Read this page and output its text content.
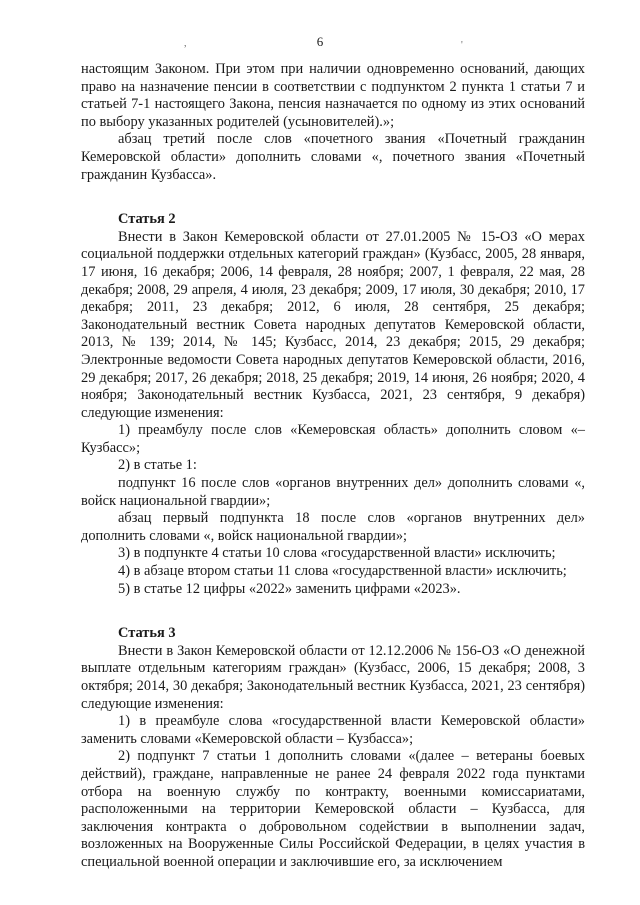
,	'
6

настоящим Законом. При этом при наличии одновременно оснований, дающих право на назначение пенсии в соответствии с подпунктом 2 пункта 1 статьи 7 и статьей 7-1 настоящего Закона, пенсия назначается по одному из этих оснований по выбору указанных родителей (усыновителей).»;

абзац третий после слов «почетного звания «Почетный гражданин Кемеровской области» дополнить словами «, почетного звания «Почетный гражданин Кузбасса».

Статья 2

Внести в Закон Кемеровской области от 27.01.2005 № 15-ОЗ «О мерах социальной поддержки отдельных категорий граждан» (Кузбасс, 2005, 28 января, 17 июня, 16 декабря; 2006, 14 февраля, 28 ноября; 2007, 1 февраля, 22 мая, 28 декабря; 2008, 29 апреля, 4 июля, 23 декабря; 2009, 17 июля, 30 декабря; 2010, 17 декабря; 2011, 23 декабря; 2012, 6 июля, 28 сентября, 25 декабря; Законодательный вестник Совета народных депутатов Кемеровской области, 2013, № 139; 2014, № 145; Кузбасс, 2014, 23 декабря; 2015, 29 декабря; Электронные ведомости Совета народных депутатов Кемеровской области, 2016, 29 декабря; 2017, 26 декабря; 2018, 25 декабря; 2019, 14 июня, 26 ноября; 2020, 4 ноября; Законодательный вестник Кузбасса, 2021, 23 сентября, 9 декабря) следующие изменения:

1) преамбулу после слов «Кемеровская область» дополнить словом «– Кузбасс»;

2) в статье 1:

подпункт 16 после слов «органов внутренних дел» дополнить словами «, войск национальной гвардии»;

абзац первый подпункта 18 после слов «органов внутренних дел» дополнить словами «, войск национальной гвардии»;

3) в подпункте 4 статьи 10 слова «государственной власти» исключить;

4) в абзаце втором статьи 11 слова «государственной власти» исключить;

5) в статье 12 цифры «2022» заменить цифрами «2023».

Статья 3

Внести в Закон Кемеровской области от 12.12.2006 № 156-ОЗ «О денежной выплате отдельным категориям граждан» (Кузбасс, 2006, 15 декабря; 2008, 3 октября; 2014, 30 декабря; Законодательный вестник Кузбасса, 2021, 23 сентября) следующие изменения:

1) в преамбуле слова «государственной власти Кемеровской области» заменить словами «Кемеровской области – Кузбасса»;

2) подпункт 7 статьи 1 дополнить словами «(далее – ветераны боевых действий), граждане, направленные не ранее 24 февраля 2022 года пунктами отбора на военную службу по контракту, военными комиссариатами, расположенными на территории Кемеровской области – Кузбасса, для заключения контракта о добровольном содействии в выполнении задач, возложенных на Вооруженные Силы Российской Федерации, в целях участия в специальной военной операции и заключившие его, за исключением
